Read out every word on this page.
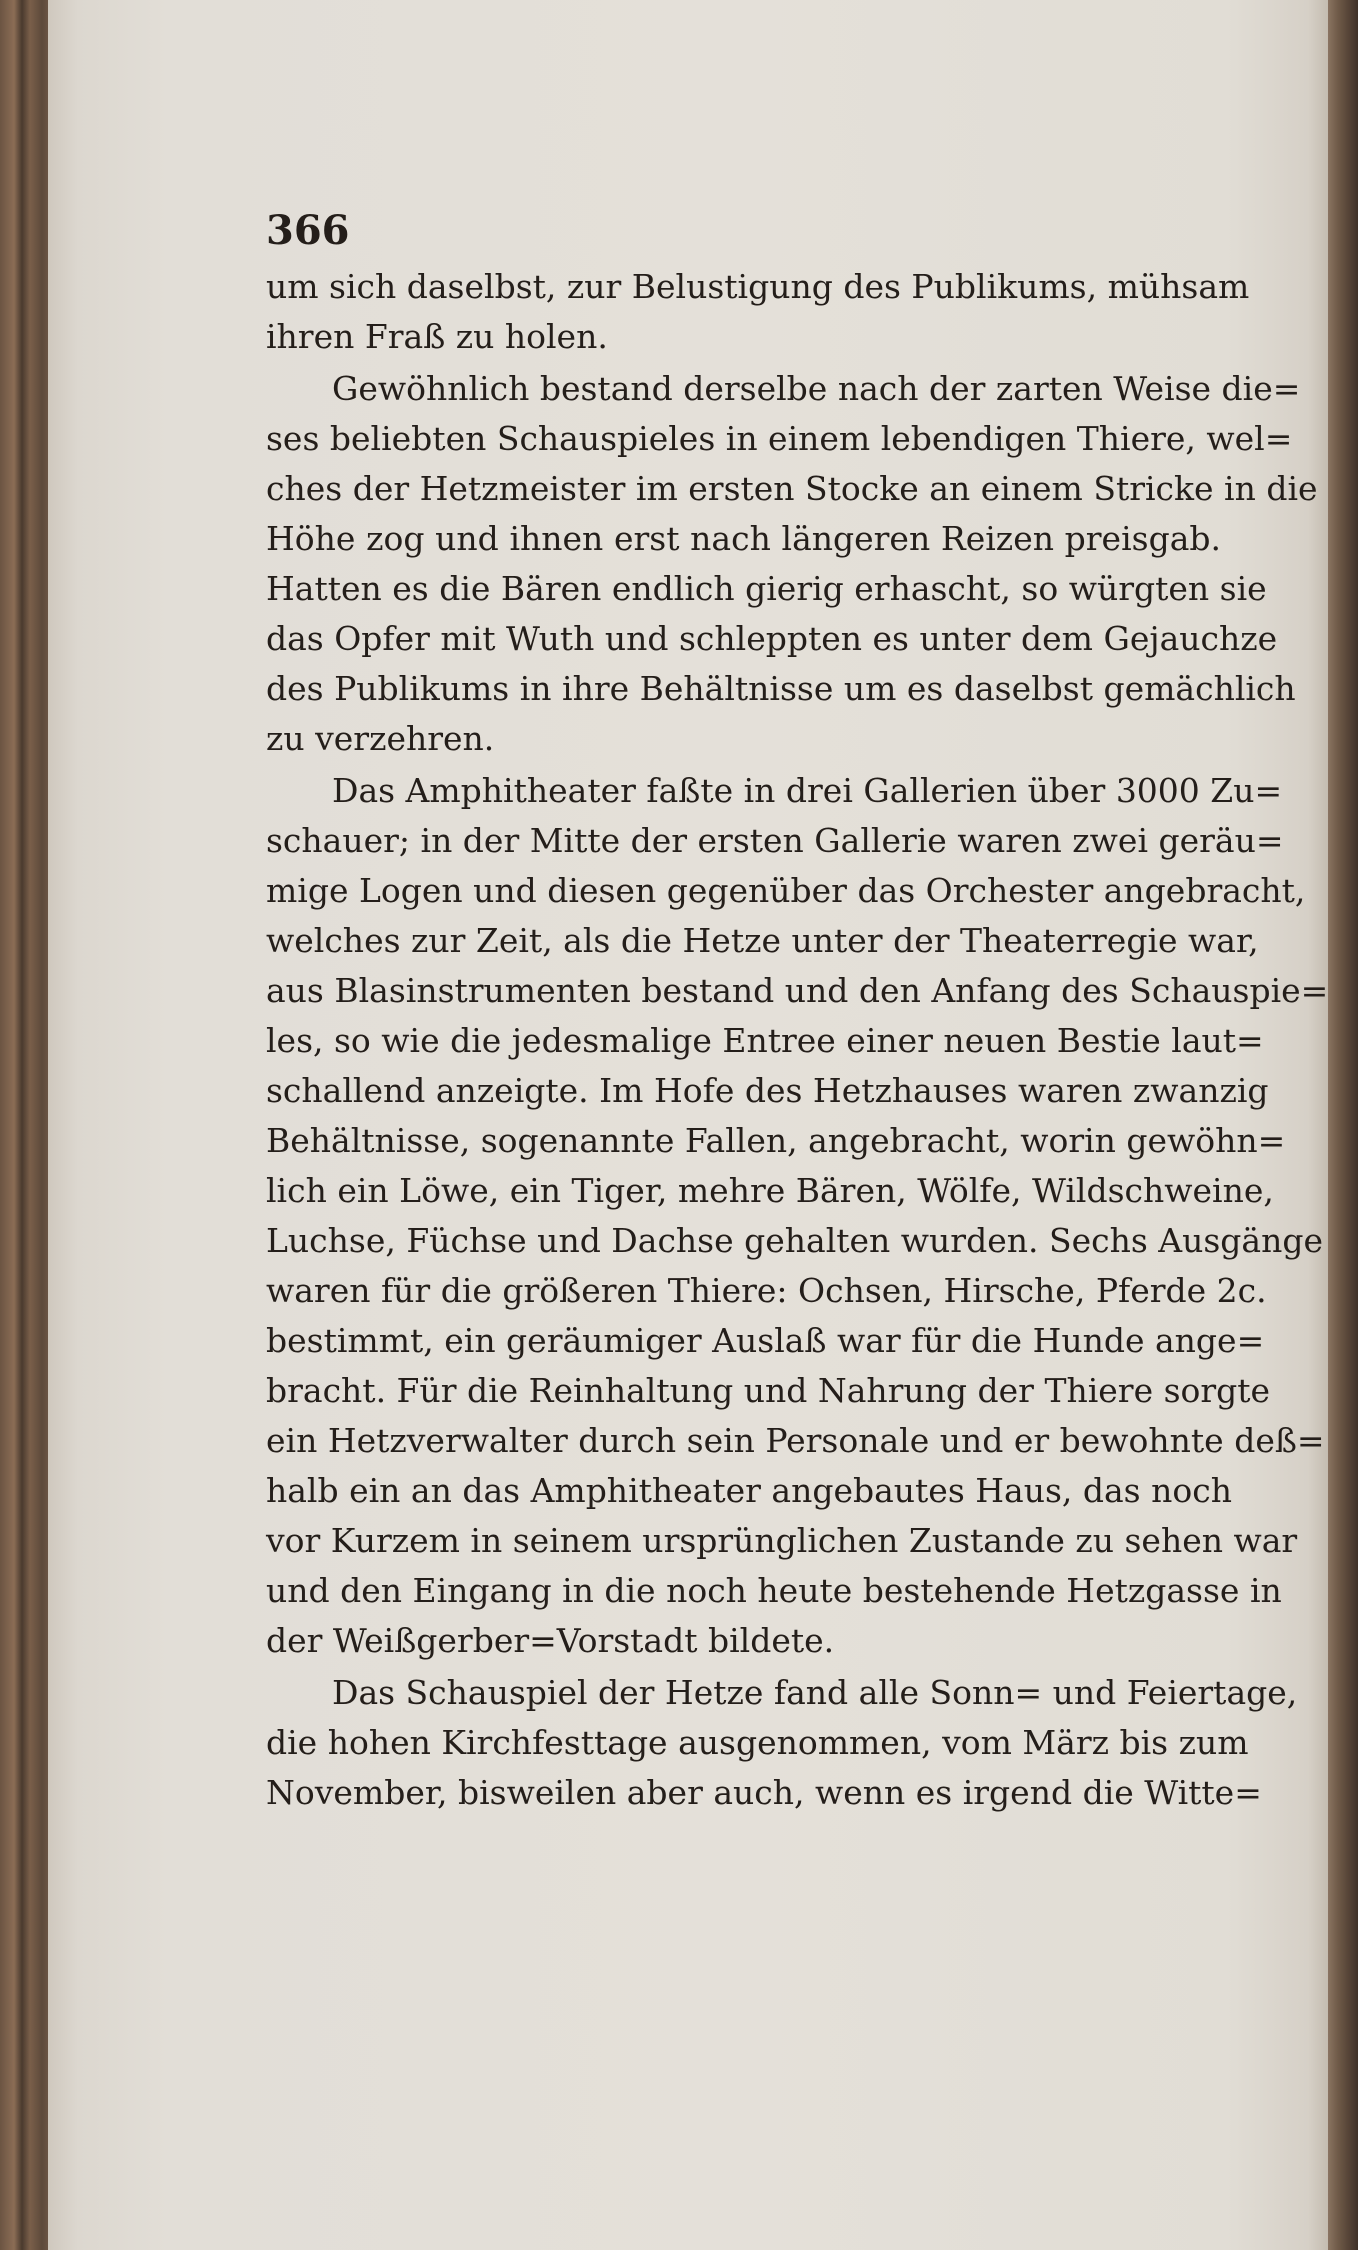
366
um sich daselbst, zur Belustigung des Publikums, mühsam
ihren Fraß zu holen.
Gewöhnlich bestand derselbe nach der zarten Weise die=
ses beliebten Schauspieles in einem lebendigen Thiere, wel=
ches der Hetzmeister im ersten Stocke an einem Stricke in die
Höhe zog und ihnen erst nach längeren Reizen preisgab.
Hatten es die Bären endlich gierig erhascht, so würgten sie
das Opfer mit Wuth und schleppten es unter dem Gejauchze
des Publikums in ihre Behältnisse um es daselbst gemächlich
zu verzehren.
Das Amphitheater faßte in drei Gallerien über 3000 Zu=
schauer; in der Mitte der ersten Gallerie waren zwei geräu=
mige Logen und diesen gegenüber das Orchester angebracht,
welches zur Zeit, als die Hetze unter der Theaterregie war,
aus Blasinstrumenten bestand und den Anfang des Schauspie=
les, so wie die jedesmalige Entree einer neuen Bestie laut=
schallend anzeigte. Im Hofe des Hetzhauses waren zwanzig
Behältnisse, sogenannte Fallen, angebracht, worin gewöhn=
lich ein Löwe, ein Tiger, mehre Bären, Wölfe, Wildschweine,
Luchse, Füchse und Dachse gehalten wurden. Sechs Ausgänge
waren für die größeren Thiere: Ochsen, Hirsche, Pferde 2c.
bestimmt, ein geräumiger Auslaß war für die Hunde ange=
bracht. Für die Reinhaltung und Nahrung der Thiere sorgte
ein Hetzverwalter durch sein Personale und er bewohnte deß=
halb ein an das Amphitheater angebautes Haus, das noch
vor Kurzem in seinem ursprünglichen Zustande zu sehen war
und den Eingang in die noch heute bestehende Hetzgasse in
der Weißgerber=Vorstadt bildete.
Das Schauspiel der Hetze fand alle Sonn= und Feiertage,
die hohen Kirchfesttage ausgenommen, vom März bis zum
November, bisweilen aber auch, wenn es irgend die Witte=
